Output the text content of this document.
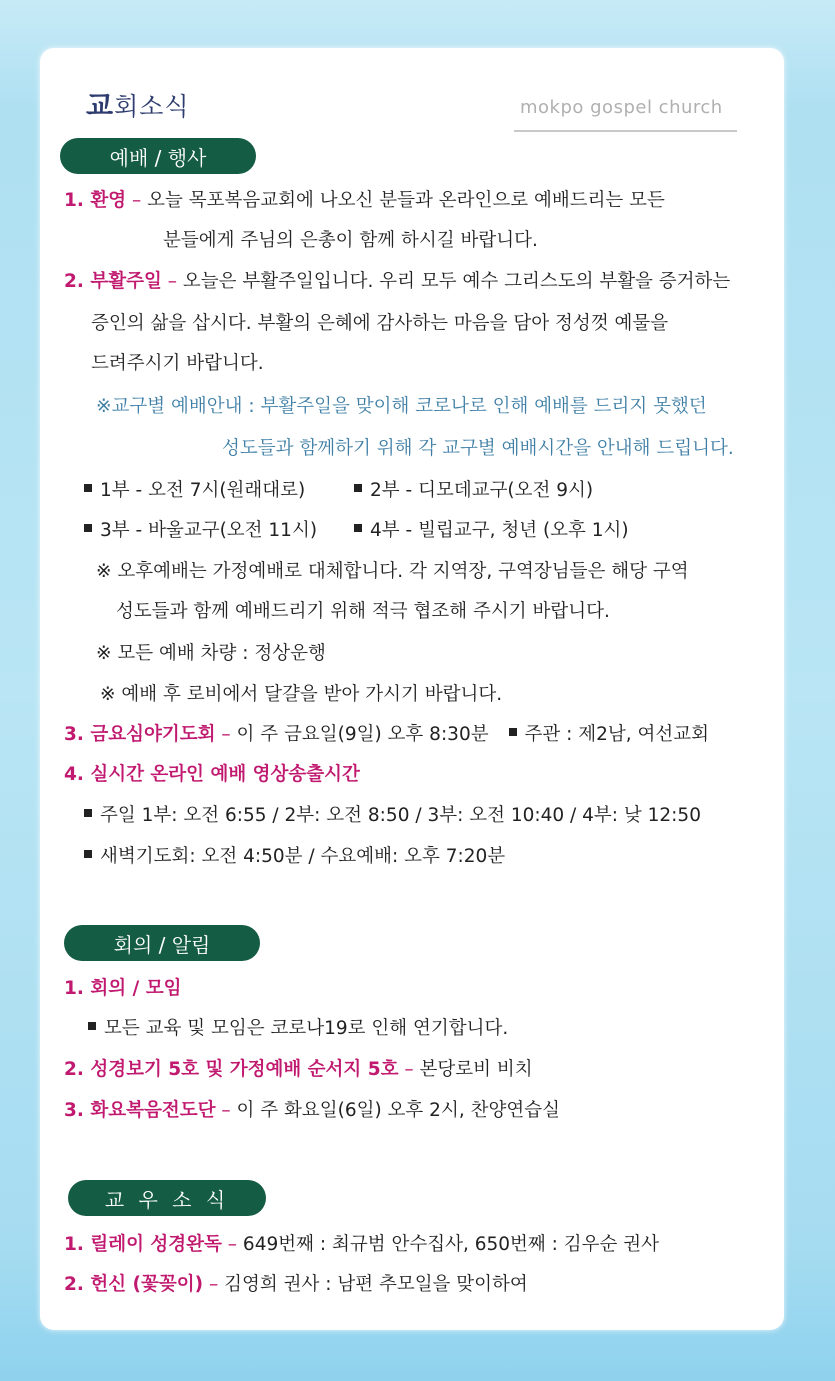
교회소식	mokpo gospel church
예배 / 행사
1. 환영 – 오늘 목포복음교회에 나오신 분들과 온라인으로 예배드리는 모든
분들에게 주님의 은총이 함께 하시길 바랍니다.
2. 부활주일 – 오늘은 부활주일입니다. 우리 모두 예수 그리스도의 부활을 증거하는
증인의 삶을 삽시다. 부활의 은혜에 감사하는 마음을 담아 정성껏 예물을
드려주시기 바랍니다.
※교구별 예배안내 : 부활주일을 맞이해 코로나로 인해 예배를 드리지 못했던
성도들과 함께하기 위해 각 교구별 예배시간을 안내해 드립니다.
1부 - 오전 7시(원래대로)	2부 - 디모데교구(오전 9시)
3부 - 바울교구(오전 11시)	4부 - 빌립교구, 청년 (오후 1시)
※ 오후예배는 가정예배로 대체합니다. 각 지역장, 구역장님들은 해당 구역
성도들과 함께 예배드리기 위해 적극 협조해 주시기 바랍니다.
※ 모든 예배 차량 : 정상운행
※ 예배 후 로비에서 달걀을 받아 가시기 바랍니다.
3. 금요심야기도회 – 이 주 금요일(9일) 오후 8:30분 주관 : 제2남, 여선교회
4. 실시간 온라인 예배 영상송출시간
주일 1부: 오전 6:55 / 2부: 오전 8:50 / 3부: 오전 10:40 / 4부: 낮 12:50
새벽기도회: 오전 4:50분 / 수요예배: 오후 7:20분
회의 / 알림
1. 회의 / 모임
모든 교육 및 모임은 코로나19로 인해 연기합니다.
2. 성경보기 5호 및 가정예배 순서지 5호 – 본당로비 비치
3. 화요복음전도단 – 이 주 화요일(6일) 오후 2시, 찬양연습실
교 우 소 식
1. 릴레이 성경완독 – 649번째 : 최규범 안수집사, 650번째 : 김우순 권사
2. 헌신 (꽃꽂이) – 김영희 권사 : 남편 추모일을 맞이하여
